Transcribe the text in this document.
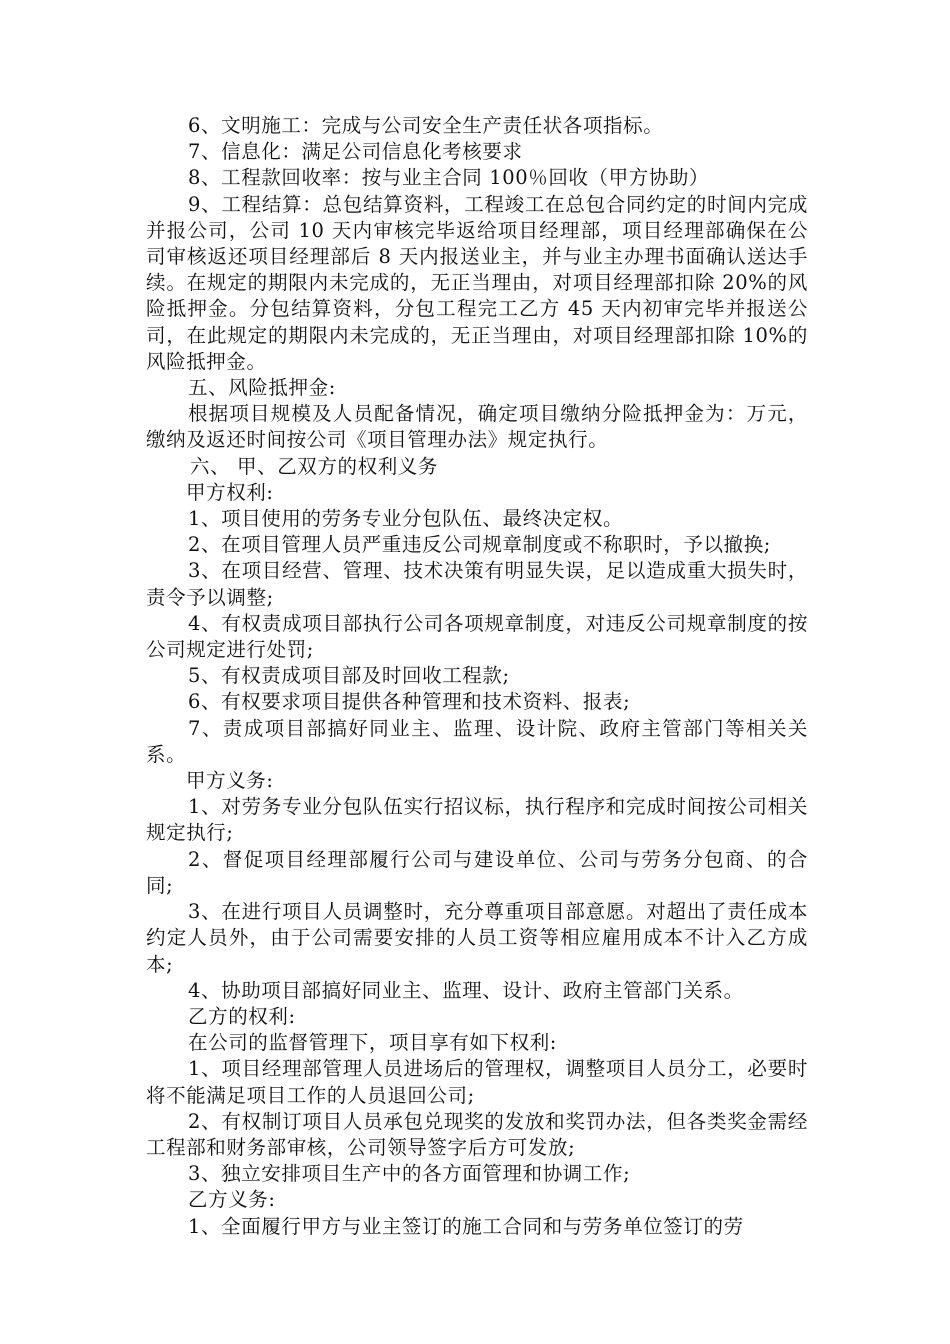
6、文明施工：完成与公司安全生产责任状各项指标。

7、信息化：满足公司信息化考核要求

8、工程款回收率：按与业主合同 100％回收（甲方协助）

9、工程结算：总包结算资料，工程竣工在总包合同约定的时间内完成并报公司，公司 10 天内审核完毕返给项目经理部，项目经理部确保在公司审核返还项目经理部后 8 天内报送业主，并与业主办理书面确认送达手续。在规定的期限内未完成的，无正当理由，对项目经理部扣除 20%的风险抵押金。分包结算资料，分包工程完工乙方 45 天内初审完毕并报送公司，在此规定的期限内未完成的，无正当理由，对项目经理部扣除 10%的风险抵押金。

五、风险抵押金:

根据项目规模及人员配备情况，确定项目缴纳分险抵押金为：万元，缴纳及返还时间按公司《项目管理办法》规定执行。

六、 甲、乙双方的权利义务

甲方权利:

1、项目使用的劳务专业分包队伍、最终决定权。

2、在项目管理人员严重违反公司规章制度或不称职时，予以撤换;

3、在项目经营、管理、技术决策有明显失误，足以造成重大损失时，责令予以调整;

4、有权责成项目部执行公司各项规章制度，对违反公司规章制度的按公司规定进行处罚;

5、有权责成项目部及时回收工程款;

6、有权要求项目提供各种管理和技术资料、报表;

7、责成项目部搞好同业主、监理、设计院、政府主管部门等相关关系。

甲方义务:

1、对劳务专业分包队伍实行招议标，执行程序和完成时间按公司相关规定执行;

2、督促项目经理部履行公司与建设单位、公司与劳务分包商、的合同;

3、在进行项目人员调整时，充分尊重项目部意愿。对超出了责任成本约定人员外，由于公司需要安排的人员工资等相应雇用成本不计入乙方成本;

4、协助项目部搞好同业主、监理、设计、政府主管部门关系。

乙方的权利:

在公司的监督管理下，项目享有如下权利:

1、项目经理部管理人员进场后的管理权，调整项目人员分工，必要时将不能满足项目工作的人员退回公司;

2、有权制订项目人员承包兑现奖的发放和奖罚办法，但各类奖金需经工程部和财务部审核，公司领导签字后方可发放;

3、独立安排项目生产中的各方面管理和协调工作;

乙方义务:

1、全面履行甲方与业主签订的施工合同和与劳务单位签订的劳
